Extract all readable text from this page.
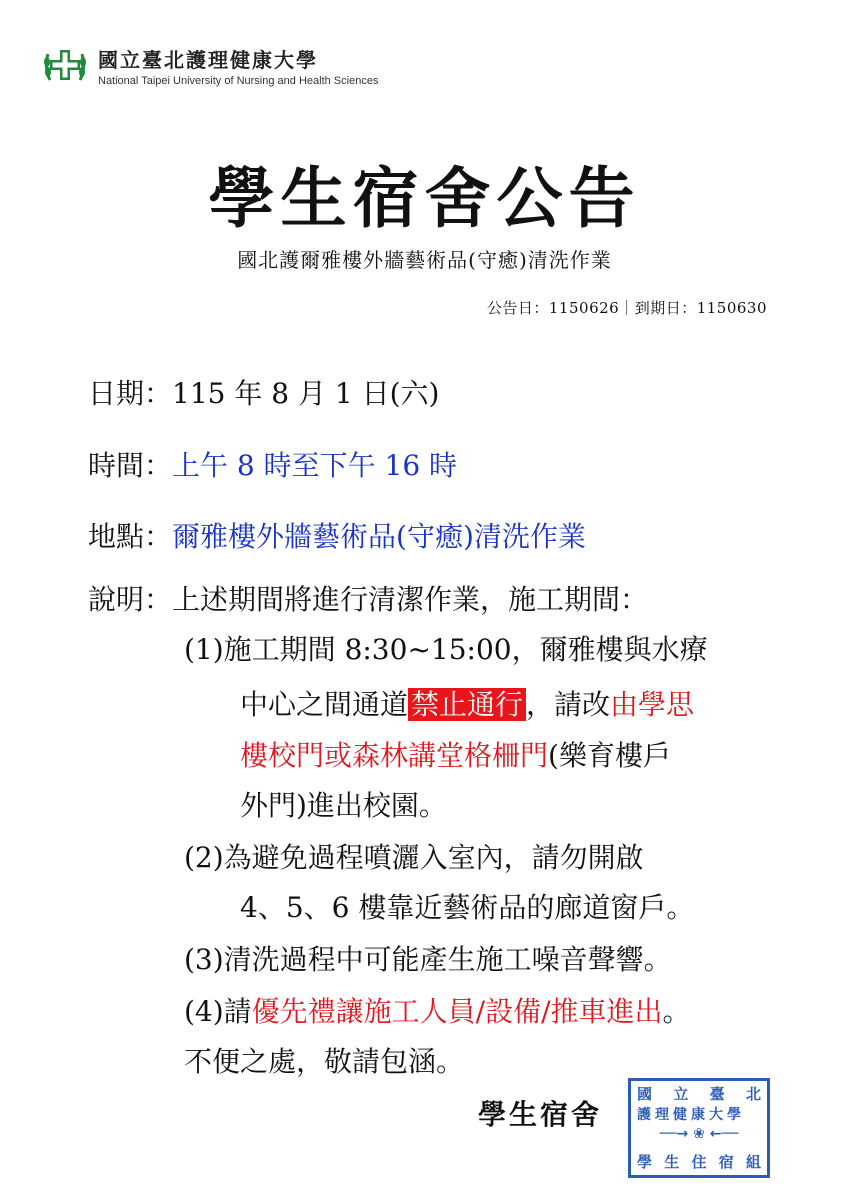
國立臺北護理健康大學
National Taipei University of Nursing and Health Sciences
學生宿舍公告
國北護爾雅樓外牆藝術品(守癒)清洗作業
公告日：1150626｜到期日：1150630
日期：115 年 8 月 1 日(六)
時間：上午 8 時至下午 16 時
地點：爾雅樓外牆藝術品(守癒)清洗作業
說明：上述期間將進行清潔作業，施工期間：
(1)施工期間 8:30~15:00，爾雅樓與水療
中心之間通道 禁止通行 ，請改由學思
樓校門或森林講堂格柵門(樂育樓戶
外門)進出校園。
(2)為避免過程噴灑入室內，請勿開啟
4、5、6 樓靠近藝術品的廊道窗戶。
(3)清洗過程中可能產生施工噪音聲響。
(4)請優先禮讓施工人員/設備/推車進出。
不便之處，敬請包涵。
學生宿舍
國 立 臺 北
護理健康大學
──→ ❀ ←──
學 生 住 宿 組
